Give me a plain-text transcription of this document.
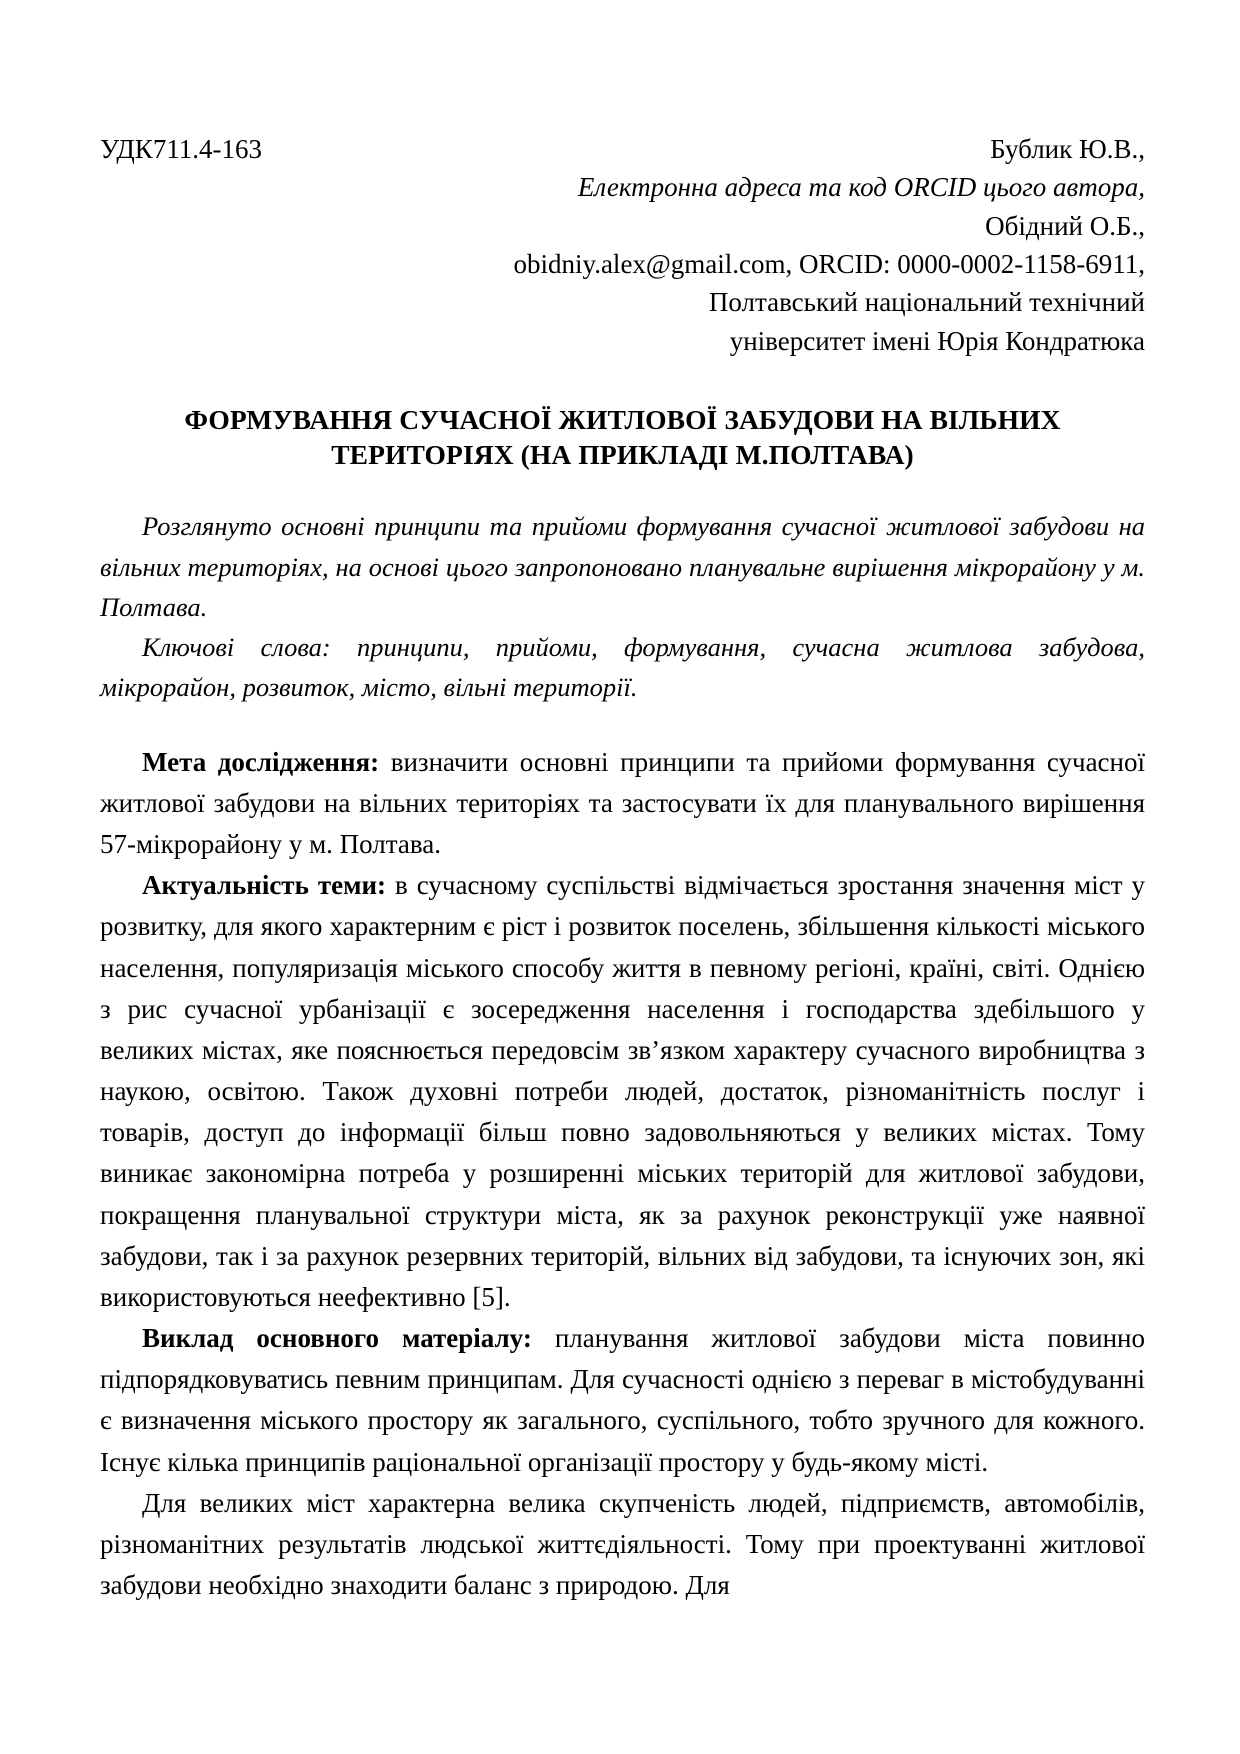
УДК711.4-163	Бублик Ю.В.,
Електронна адреса та код ORCID цього автора,
Обідний О.Б.,
obidniy.alex@gmail.com, ORCID: 0000-0002-1158-6911,
Полтавський національний технічний
університет імені Юрія Кондратюка
ФОРМУВАННЯ СУЧАСНОЇ ЖИТЛОВОЇ ЗАБУДОВИ НА ВІЛЬНИХ
ТЕРИТОРІЯХ (НА ПРИКЛАДІ М.ПОЛТАВА)
Розглянуто основні принципи та прийоми формування сучасної житлової забудови на вільних територіях, на основі цього запропоновано планувальне вирішення мікрорайону у м. Полтава.
Ключові слова: принципи, прийоми, формування, сучасна житлова забудова, мікрорайон, розвиток, місто, вільні території.

Мета дослідження: визначити основні принципи та прийоми формування сучасної житлової забудови на вільних територіях та застосувати їх для планувального вирішення 57-мікрорайону у м. Полтава.

Актуальність теми: в сучасному суспільстві відмічається зростання значення міст у розвитку, для якого характерним є ріст і розвиток поселень, збільшення кількості міського населення, популяризація міського способу життя в певному регіоні, країні, світі. Однією з рис сучасної урбанізації є зосередження населення і господарства здебільшого у великих містах, яке пояснюється передовсім зв’язком характеру сучасного виробництва з наукою, освітою. Також духовні потреби людей, достаток, різноманітність послуг і товарів, доступ до інформації більш повно задовольняються у великих містах. Тому виникає закономірна потреба у розширенні міських територій для житлової забудови, покращення планувальної структури міста, як за рахунок реконструкції уже наявної забудови, так і за рахунок резервних територій, вільних від забудови, та існуючих зон, які використовуються неефективно [5].

Виклад основного матеріалу: планування житлової забудови міста повинно підпорядковуватись певним принципам. Для сучасності однією з переваг в містобудуванні є визначення міського простору як загального, суспільного, тобто зручного для кожного. Існує кілька принципів раціональної організації простору у будь-якому місті.

Для великих міст характерна велика скупченість людей, підприємств, автомобілів, різноманітних результатів людської життєдіяльності. Тому при проектуванні житлової забудови необхідно знаходити баланс з природою. Для
